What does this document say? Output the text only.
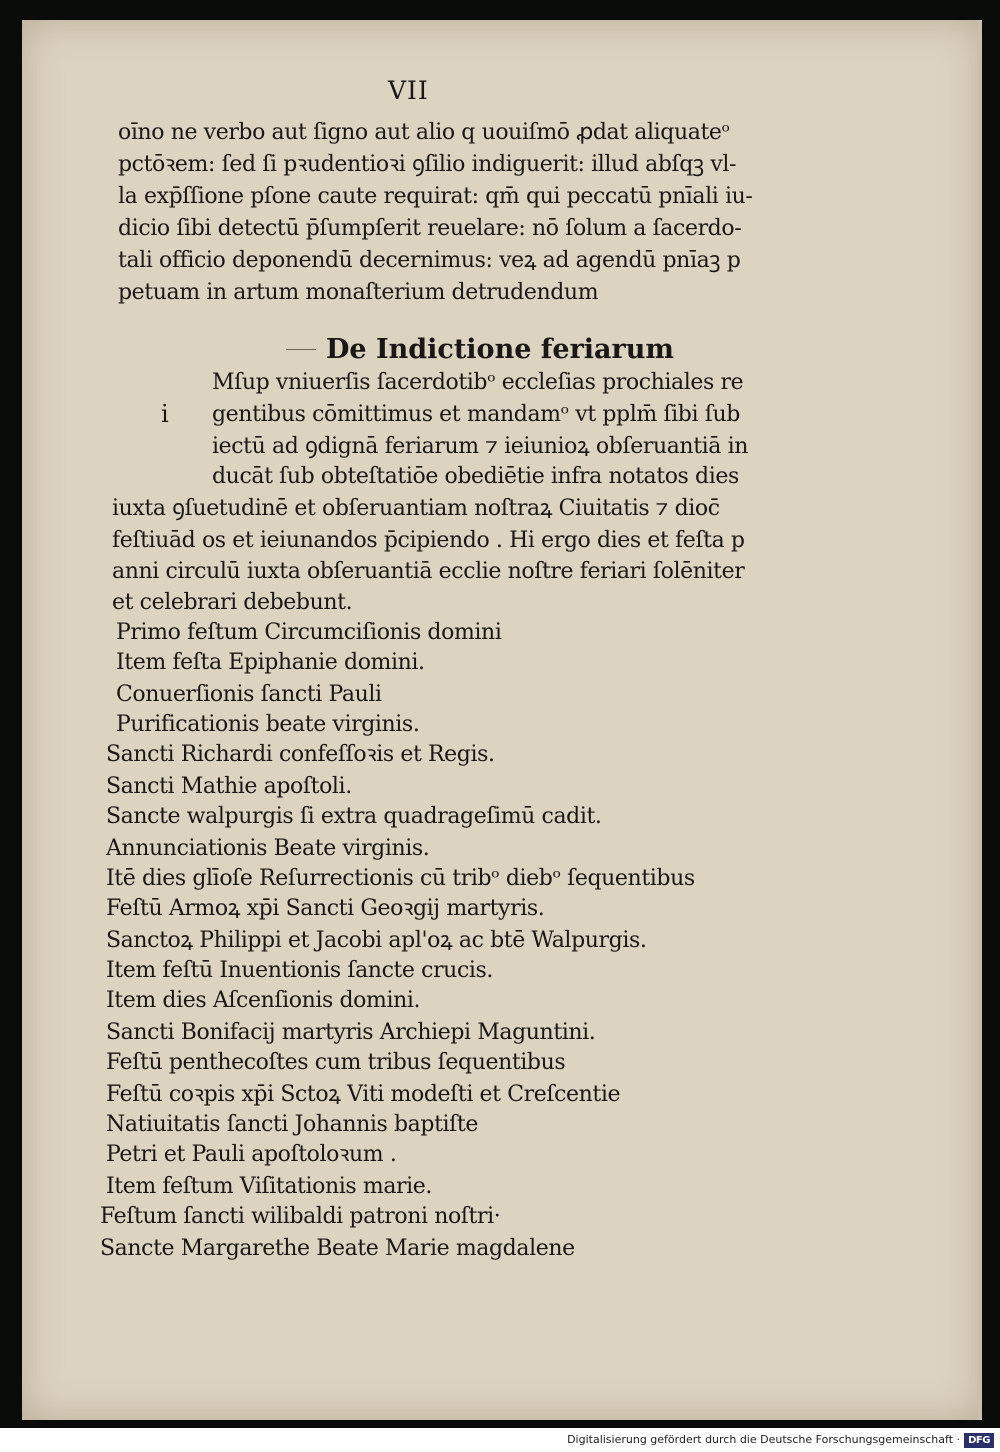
VII
oı̄no ne verbo aut ſigno aut alio q uouiſmō ꝓdat aliquateᵒ
pctōꝛem: ſed ſi pꝛudentioꝛi ꝯſilio indiguerit: illud abſqꝫ vl‐
la exp̄ſſione pſone caute requirat: qm̄ qui peccatū pnīali iu‐
dicio ſibi detectū p̄ſumpſerit reuelare: nō ſolum a ſacerdo‐
tali officio deponendū decernimus: veꝝ ad agendū pnīaꝫ p
petuam in artum monaſterium detrudendum
De Indictione feriarum
i
Mſup vniuerſis ſacerdotibᵒ eccleſias prochiales re
gentibus cōmittimus et mandamᵒ vt pplm̄ ſibi ſub
iectū ad ꝯdignā feriarum ⁊ ieiunioꝝ obſeruantiā in
ducāt ſub obteſtatiōe obediētie infra notatos dies
iuxta ꝯſuetudinē et obſeruantiam noſtraꝝ Ciuitatis ⁊ dioc̄
feſtiuād os et ieiunandos p̄cipiendo . Hi ergo dies et feſta p
anni circulū iuxta obſeruantiā ecclie noſtre feriari ſolēniter
et celebrari debebunt.
Primo feſtum Circumciſionis domini
Item feſta Epiphanie domini.
Conuerſionis ſancti Pauli
Purificationis beate virginis.
Sancti Richardi confeſſoꝛis et Regis.
Sancti Mathie apoſtoli.
Sancte walpurgis ſi extra quadrageſimū cadit.
Annunciationis Beate virginis.
Itē dies glīoſe Reſurrectionis cū tribᵒ diebᵒ ſequentibus
Feſtū Armoꝝ xp̄i Sancti Geoꝛgij martyris.
Sanctoꝝ Philippi et Jacobi apl'oꝝ ac btē Walpurgis.
Item feſtū Inuentionis ſancte crucis.
Item dies Aſcenſionis domini.
Sancti Bonifacij martyris Archiepi Maguntini.
Feſtū penthecoſtes cum tribus ſequentibus
Feſtū coꝛpis xp̄i Sctoꝝ Viti modeſti et Creſcentie
Natiuitatis ſancti Johannis baptiſte
Petri et Pauli apoſtoloꝛum .
Item feſtum Viſitationis marie.
Feſtum ſancti wilibaldi patroni noſtri·
Sancte Margarethe Beate Marie magdalene
Digitalisierung gefördert durch die Deutsche Forschungsgemeinschaft · DFG
